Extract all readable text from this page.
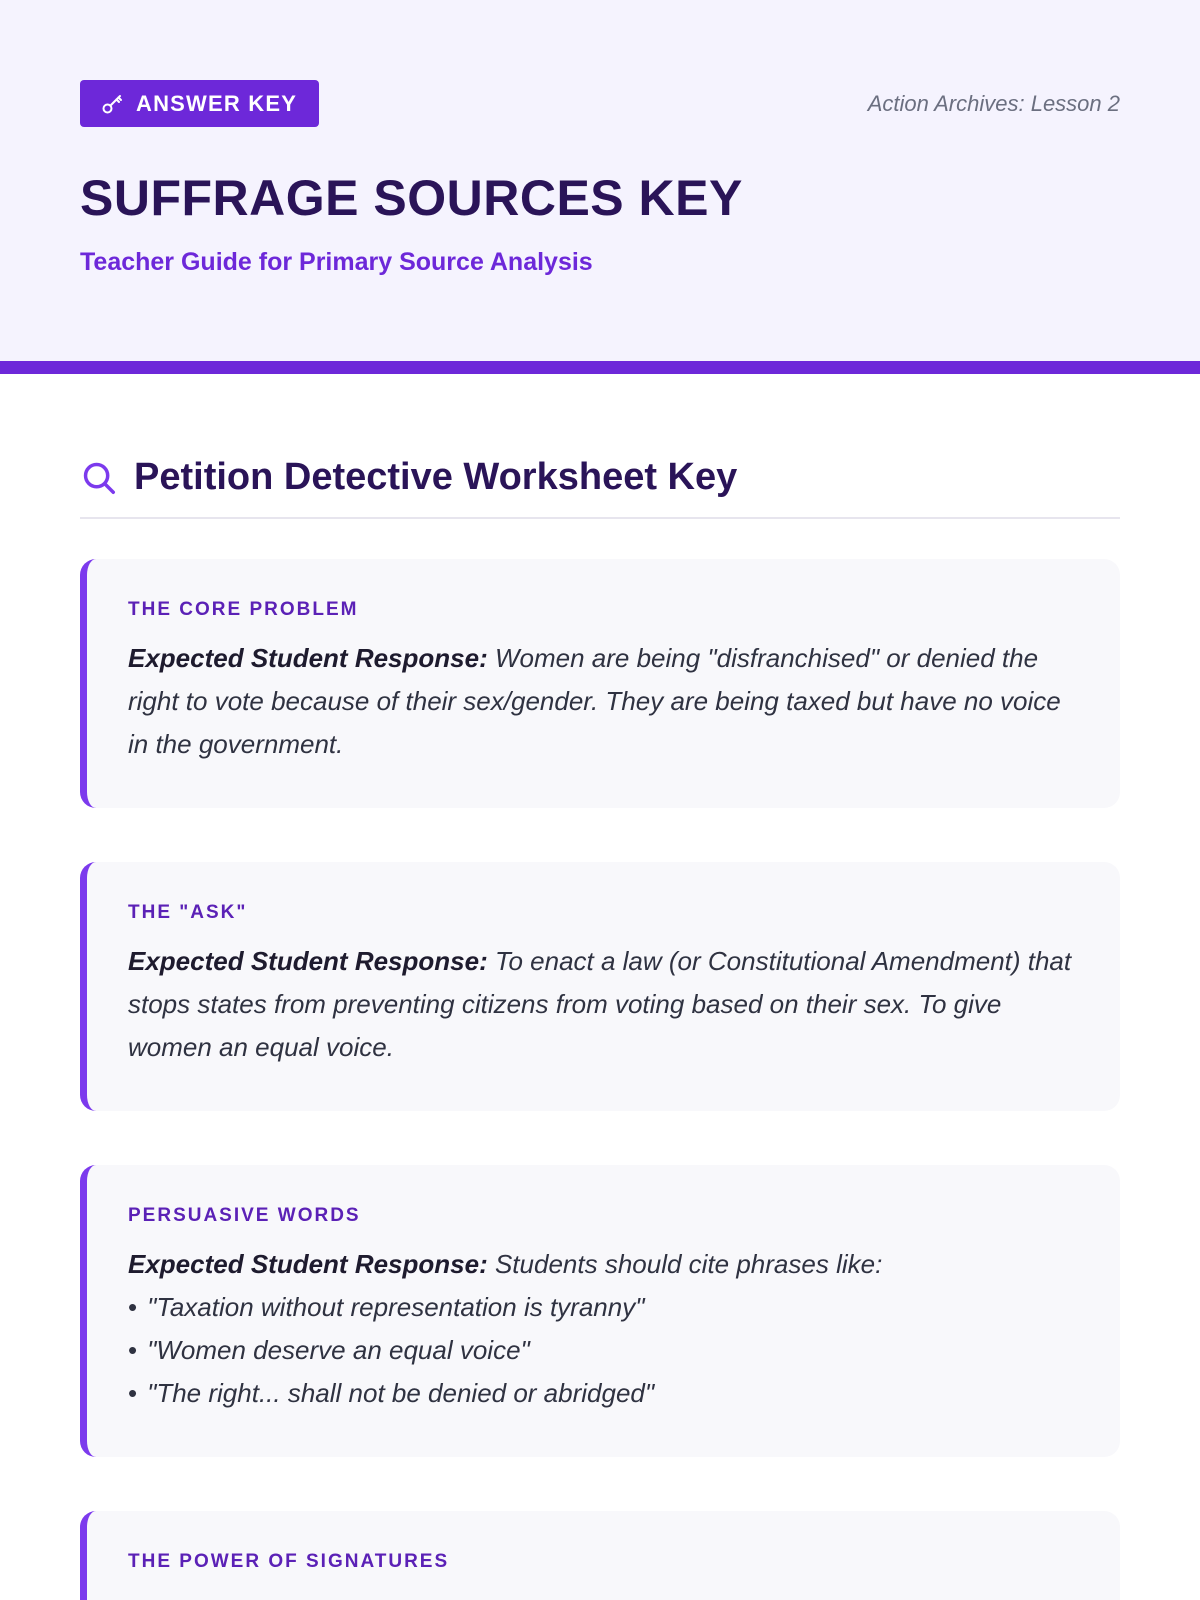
ANSWER KEY	Action Archives: Lesson 2
SUFFRAGE SOURCES KEY
Teacher Guide for Primary Source Analysis
Petition Detective Worksheet Key
THE CORE PROBLEM

Expected Student Response: Women are being "disfranchised" or denied the right to vote because of their sex/gender. They are being taxed but have no voice in the government.

THE "ASK"

Expected Student Response: To enact a law (or Constitutional Amendment) that stops states from preventing citizens from voting based on their sex. To give women an equal voice.

PERSUASIVE WORDS

Expected Student Response: Students should cite phrases like:

• "Taxation without representation is tyranny"
• "Women deserve an equal voice"
• "The right... shall not be denied or abridged"
THE POWER OF SIGNATURES
